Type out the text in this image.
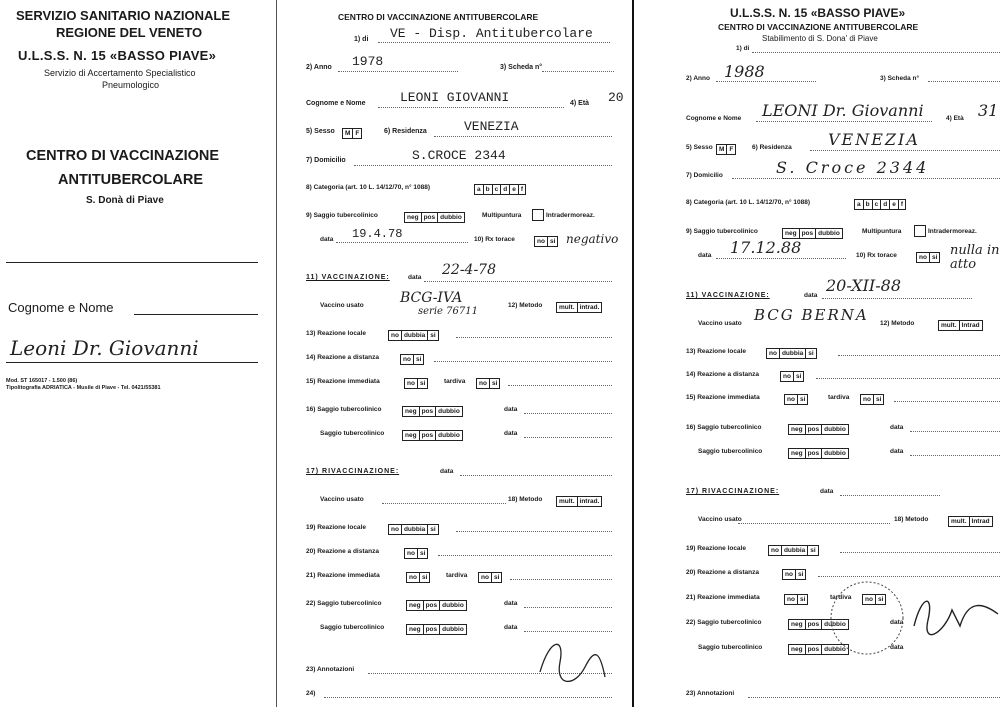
SERVIZIO SANITARIO NAZIONALE
REGIONE DEL VENETO
U.L.S.S. N. 15 «BASSO PIAVE»
Servizio di Accertamento Specialistico
Pneumologico
CENTRO DI VACCINAZIONE
ANTITUBERCOLARE
S. Donà di Piave
Cognome e Nome
Leoni Dr. Giovanni
Mod. ST 165017 - 1.500 (86)
Tipolitografia ADRIATICA - Musile di Piave - Tel. 0421/55381
CENTRO DI VACCINAZIONE ANTITUBERCOLARE
1) di VE - Disp. Antitubercolare
2) Anno 1978	3) Scheda n°
Cognome e Nome	LEONI GIOVANNI	4) Età 20
5) Sesso	M F	6) Residenza	VENEZIA
7) Domicilio	S.CROCE 2344
8) Categoria (art. 10 L. 14/12/70, n° 1088)	a b c d e f
9) Saggio tubercolinico	neg pos dubbio	Multipuntura	Intradermoreaz.
data 19.4.78	10) Rx torace	no si negativo
11) VACCINAZIONE:	data 22-4-78
Vaccino usato	BCG-IVA
serie 76711
12) Metodo	mult. intrad.
13) Reazione locale	no dubbia si
14) Reazione a distanza	no si
15) Reazione immediata	no si	tardiva	no si
16) Saggio tubercolinico	neg pos dubbio	data
Saggio tubercolinico	neg pos dubbio	data
17) RIVACCINAZIONE:	data
Vaccino usato	18) Metodo	mult. intrad.
19) Reazione locale	no dubbia si
20) Reazione a distanza	no si
21) Reazione immediata	no si	tardiva	no si
22) Saggio tubercolinico	neg pos dubbio	data
Saggio tubercolinico	neg pos dubbio	data
23) Annotazioni
24)
U.L.S.S. N. 15 «BASSO PIAVE»
CENTRO DI VACCINAZIONE ANTITUBERCOLARE
Stabilimento di S. Dona' di Piave
1) di
2) Anno 1988	3) Scheda n°
Cognome e Nome LEONI Dr. Giovanni	4) Età 31
5) Sesso M F	6) Residenza VENEZIA
7) Domicilio	S. Croce 2344
8) Categoria (art. 10 L. 14/12/70, n° 1088)	a b c d e f
9) Saggio tubercolinico	neg pos dubbio	Multipuntura	Intradermoreaz.
data 17.12.88	10) Rx torace	no si nulla in atto
11) VACCINAZIONE:	data
20-XII-88
Vaccino usato BCG BERNA 12) Metodo	mult. Intrad
13) Reazione locale	no dubbia si
14) Reazione a distanza	no si
15) Reazione immediata	no si	tardiva	no si
16) Saggio tubercolinico	neg pos dubbio	data
Saggio tubercolinico	neg pos dubbio	data
17) RIVACCINAZIONE:	data
Vaccino usato	18) Metodo	mult. Intrad
19) Reazione locale	no dubbia si
20) Reazione a distanza	no si
21) Reazione immediata	no si	tardiva	no si
22) Saggio tubercolinico	neg pos dubbio	data
Saggio tubercolinico	neg pos dubbio	data
23) Annotazioni
